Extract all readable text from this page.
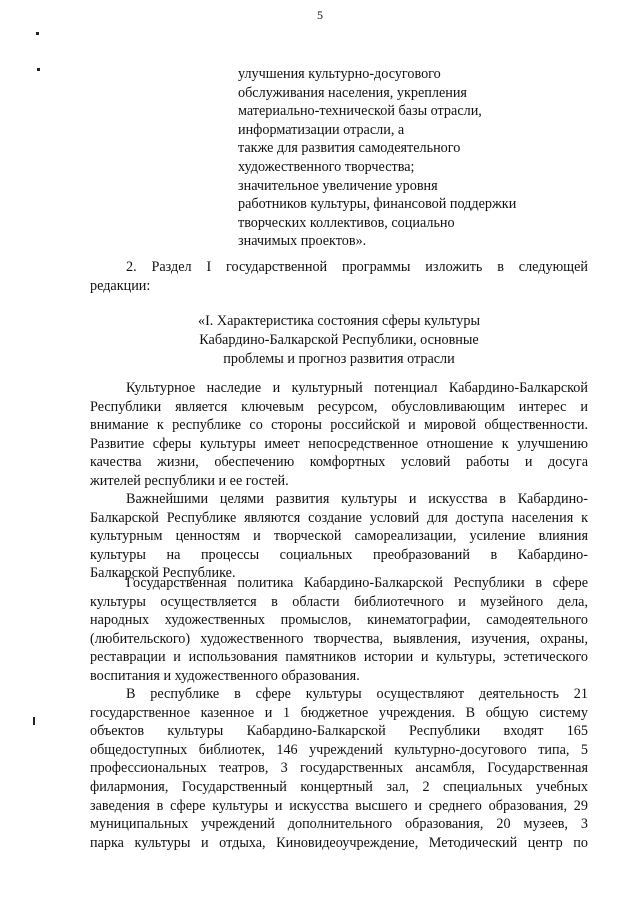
5
улучшения культурно-досугового
обслуживания населения, укрепления
материально-технической базы отрасли,
информатизации отрасли, а
также для развития самодеятельного
художественного творчества;
значительное увеличение уровня
работников культуры, финансовой поддержки
творческих коллективов, социально
значимых проектов».
2. Раздел I государственной программы изложить в следующей
редакции:
«I. Характеристика состояния сферы культуры
Кабардино-Балкарской Республики, основные
проблемы и прогноз развития отрасли
Культурное наследие и культурный потенциал Кабардино-Балкарской
Республики является ключевым ресурсом, обусловливающим интерес и
внимание к республике со стороны российской и мировой общественности.
Развитие сферы культуры имеет непосредственное отношение к улучшению
качества жизни, обеспечению комфортных условий работы и досуга
жителей республики и ее гостей.
Важнейшими целями развития культуры и искусства в Кабардино-
Балкарской Республике являются создание условий для доступа населения к
культурным ценностям и творческой самореализации, усиление влияния
культуры на процессы социальных преобразований в Кабардино-
Балкарской Республике.
Государственная политика Кабардино-Балкарской Республики в сфере
культуры осуществляется в области библиотечного и музейного дела,
народных художественных промыслов, кинематографии, самодеятельного
(любительского) художественного творчества, выявления, изучения, охраны,
реставрации и использования памятников истории и культуры, эстетического
воспитания и художественного образования.
В республике в сфере культуры осуществляют деятельность 21
государственное казенное и 1 бюджетное учреждения. В общую систему
объектов культуры Кабардино-Балкарской Республики входят 165
общедоступных библиотек, 146 учреждений культурно-досугового типа, 5
профессиональных театров, 3 государственных ансамбля, Государственная
филармония, Государственный концертный зал, 2 специальных учебных
заведения в сфере культуры и искусства высшего и среднего образования, 29
муниципальных учреждений дополнительного образования, 20 музеев, 3
парка культуры и отдыха, Киновидеоучреждение, Методический центр по
